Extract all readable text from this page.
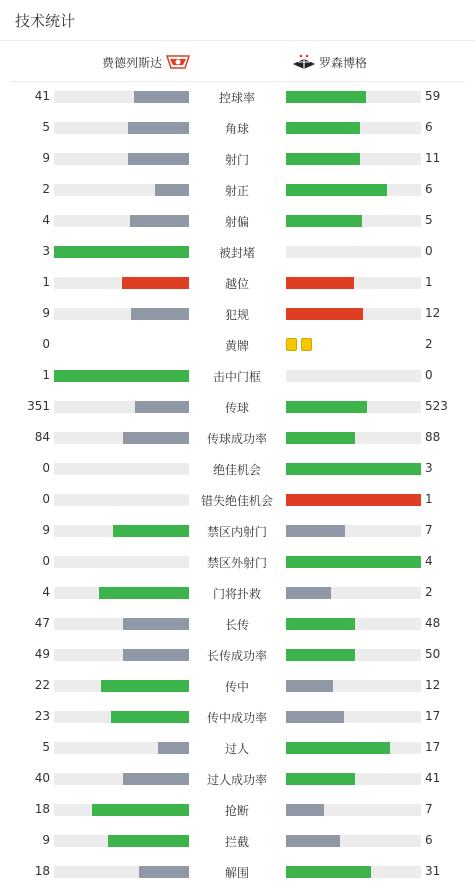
技术统计
费德列斯达	罗森博格
41	控球率	59
5	角球	6
9	射门	11
2	射正	6
4	射偏	5
3	被封堵	0
1	越位	1
9	犯规	12
0	黄牌	2
1	击中门框	0
351	传球	523
84	传球成功率	88
0	绝佳机会	3
0	错失绝佳机会	1
9	禁区内射门	7
0	禁区外射门	4
4	门将扑救	2
47	长传	48
49	长传成功率	50
22	传中	12
23	传中成功率	17
5	过人	17
40	过人成功率	41
18	抢断	7
9	拦截	6
18	解围	31
